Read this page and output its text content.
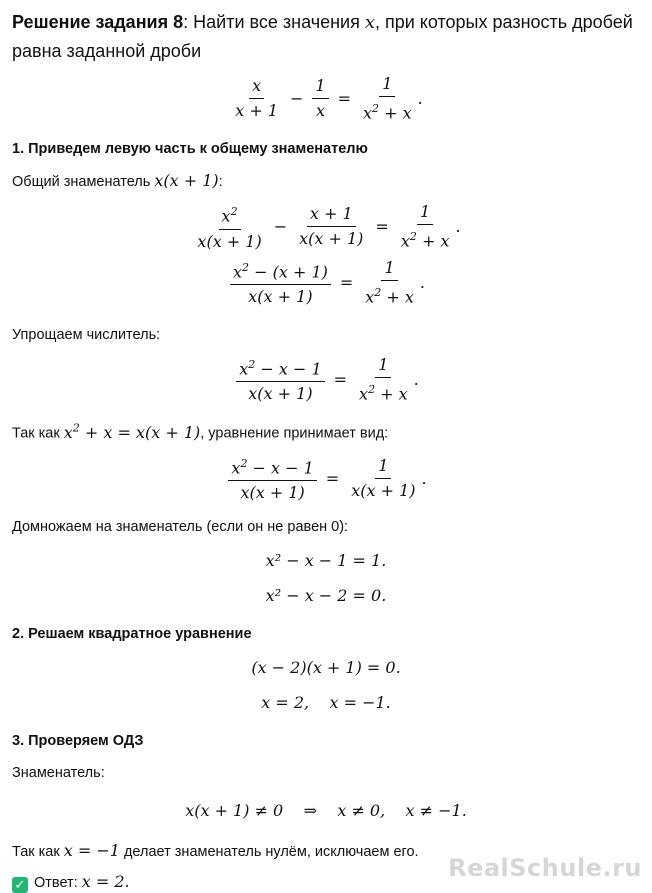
Решение задания 8: Найти все значения x, при которых разность дробей равна заданной дроби
$\frac{x}{x + 1} - \frac{1}{x} = \frac{1}{x^2 + x}$ .

1. Приведем левую часть к общему знаменателю

Общий знаменатель x(x + 1):

$\frac{x^2}{x(x + 1)} - \frac{x + 1}{x(x + 1)} = \frac{1}{x^2 + x}$ .
$\frac{x^2 - (x + 1)}{x(x + 1)} = \frac{1}{x^2 + x}$ .

Упрощаем числитель:

$\frac{x^2 - x - 1}{x(x + 1)} = \frac{1}{x^2 + x}$ .

Так как $x^2 + x = x(x + 1)$, уравнение принимает вид:

$\frac{x^2 - x - 1}{x(x + 1)} = \frac{1}{x(x + 1)}$ .

Домножаем на знаменатель (если он не равен 0):

x² − x − 1 = 1.

x² − x − 2 = 0.

2. Решаем квадратное уравнение

(x − 2)(x + 1) = 0.

x = 2,    x = −1.

3. Проверяем ОДЗ

Знаменатель:

x(x + 1) ≠ 0    ⇒    x ≠ 0,    x ≠ −1.

Так как x = −1 делает знаменатель нулём, исключаем его.

✓ Ответ: x = 2.	RealSchule.ru
